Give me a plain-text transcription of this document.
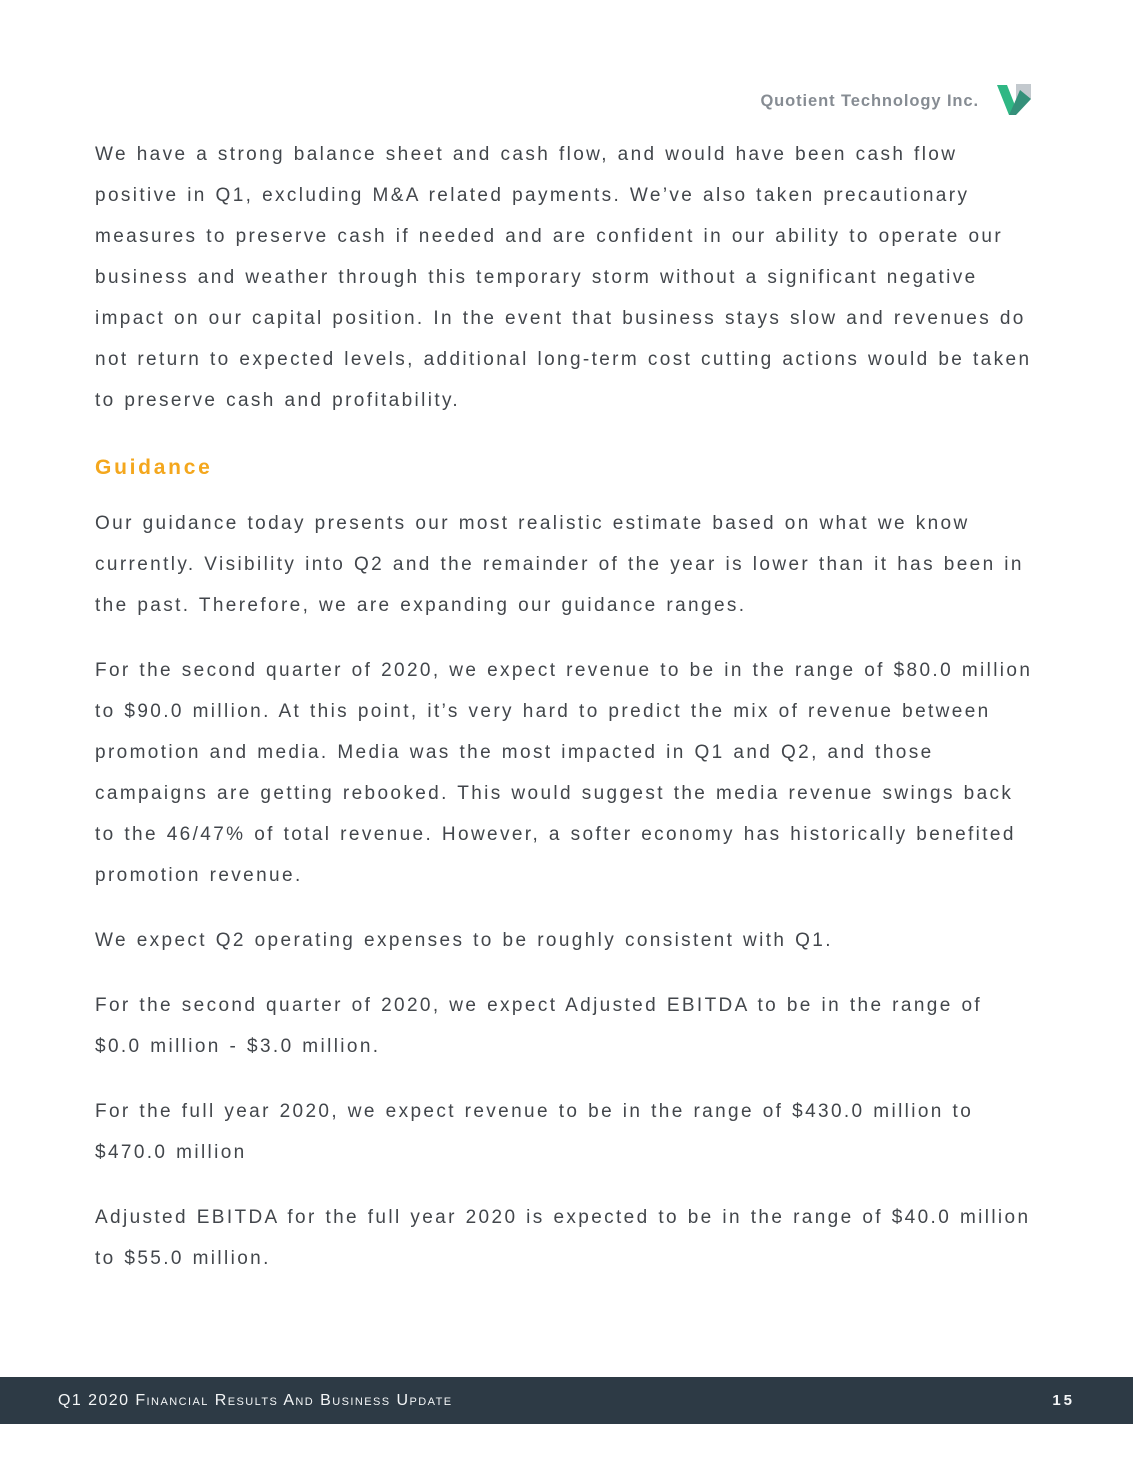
Quotient Technology Inc.

We have a strong balance sheet and cash flow, and would have been cash flow positive in Q1, excluding M&A related payments. We’ve also taken precautionary measures to preserve cash if needed and are confident in our ability to operate our business and weather through this temporary storm without a significant negative impact on our capital position. In the event that business stays slow and revenues do not return to expected levels, additional long-term cost cutting actions would be taken to preserve cash and profitability.

Guidance

Our guidance today presents our most realistic estimate based on what we know currently. Visibility into Q2 and the remainder of the year is lower than it has been in the past. Therefore, we are expanding our guidance ranges.

For the second quarter of 2020, we expect revenue to be in the range of $80.0 million to $90.0 million. At this point, it’s very hard to predict the mix of revenue between promotion and media. Media was the most impacted in Q1 and Q2, and those campaigns are getting rebooked. This would suggest the media revenue swings back to the 46/47% of total revenue. However, a softer economy has historically benefited promotion revenue.

We expect Q2 operating expenses to be roughly consistent with Q1.

For the second quarter of 2020, we expect Adjusted EBITDA to be in the range of $0.0 million - $3.0 million.

For the full year 2020, we expect revenue to be in the range of $430.0 million to $470.0 million

Adjusted EBITDA for the full year 2020 is expected to be in the range of $40.0 million to $55.0 million.

Q1 2020 Financial Results And Business Update	15
